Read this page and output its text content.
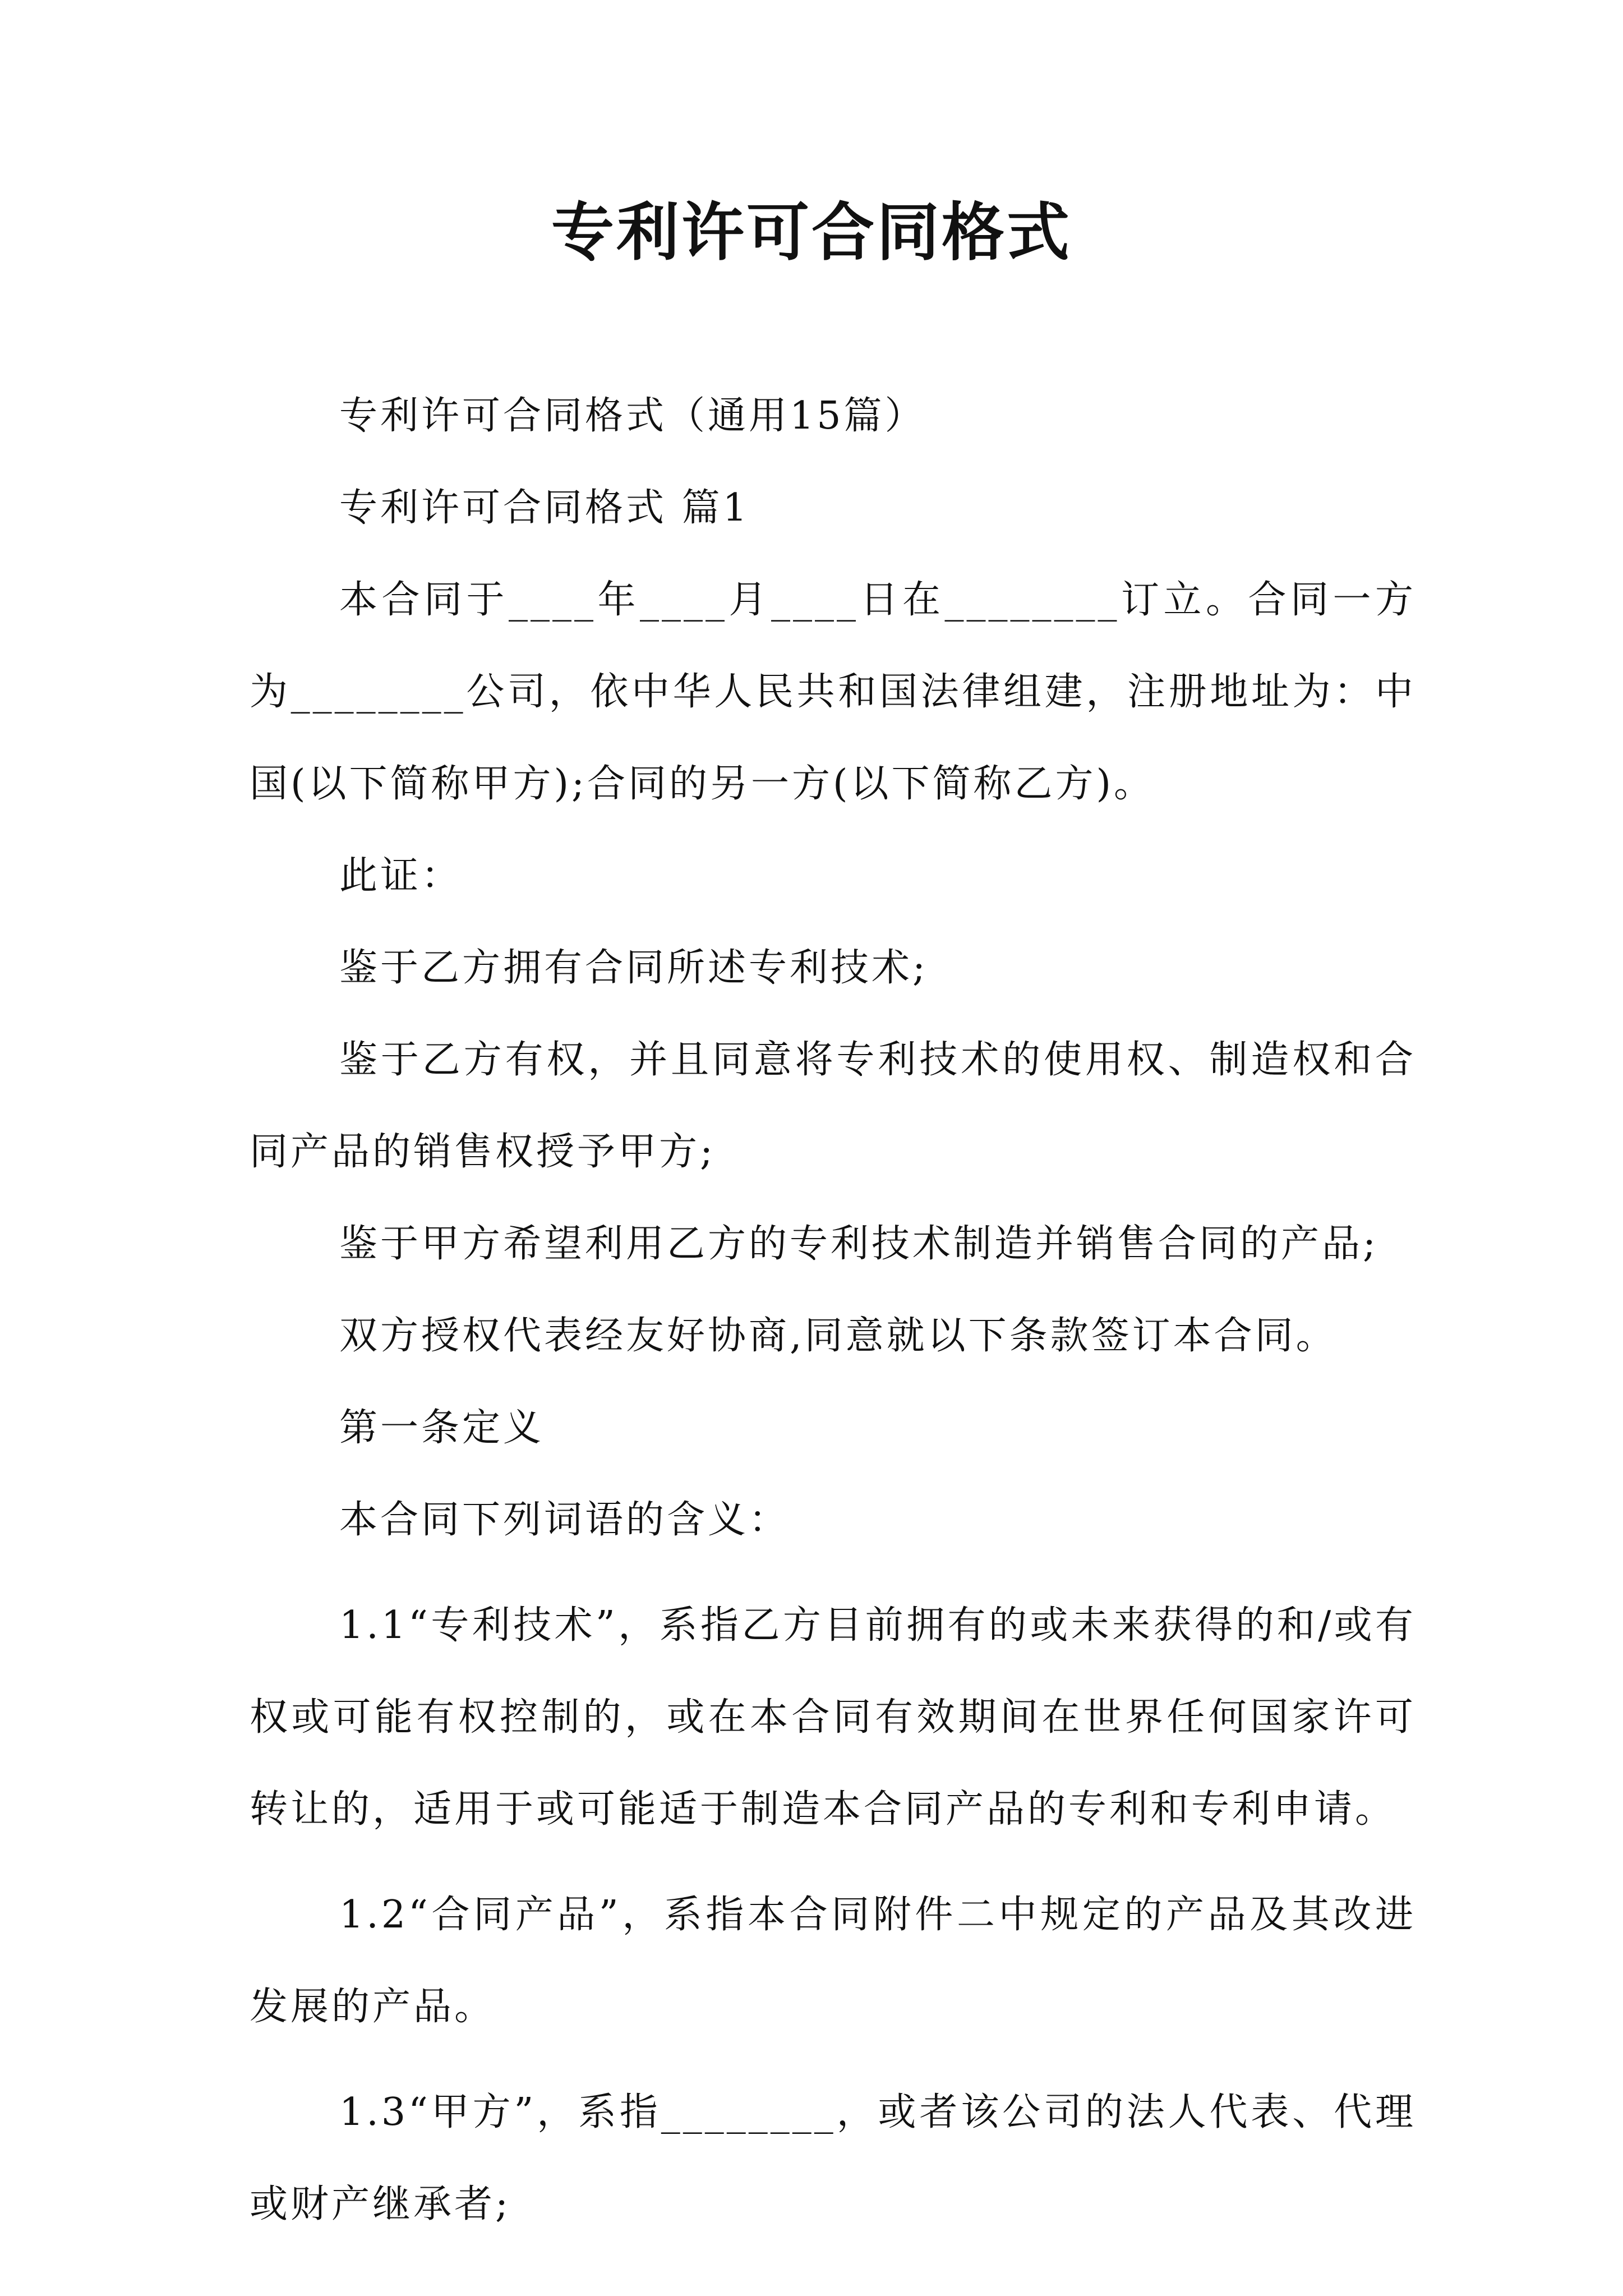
专利许可合同格式

专利许可合同格式（通用15篇）

专利许可合同格式 篇1

本合同于____年____月____日在________订立。合同一方为________公司，依中华人民共和国法律组建，注册地址为：中国(以下简称甲方);合同的另一方(以下简称乙方)。

此证：

鉴于乙方拥有合同所述专利技术;

鉴于乙方有权，并且同意将专利技术的使用权、制造权和合同产品的销售权授予甲方;

鉴于甲方希望利用乙方的专利技术制造并销售合同的产品;

双方授权代表经友好协商,同意就以下条款签订本合同。

第一条定义

本合同下列词语的含义：

1.1“专利技术”，系指乙方目前拥有的或未来获得的和/或有权或可能有权控制的，或在本合同有效期间在世界任何国家许可转让的，适用于或可能适于制造本合同产品的专利和专利申请。

1.2“合同产品”，系指本合同附件二中规定的产品及其改进发展的产品。

1.3“甲方”，系指________，或者该公司的法人代表、代理或财产继承者;
